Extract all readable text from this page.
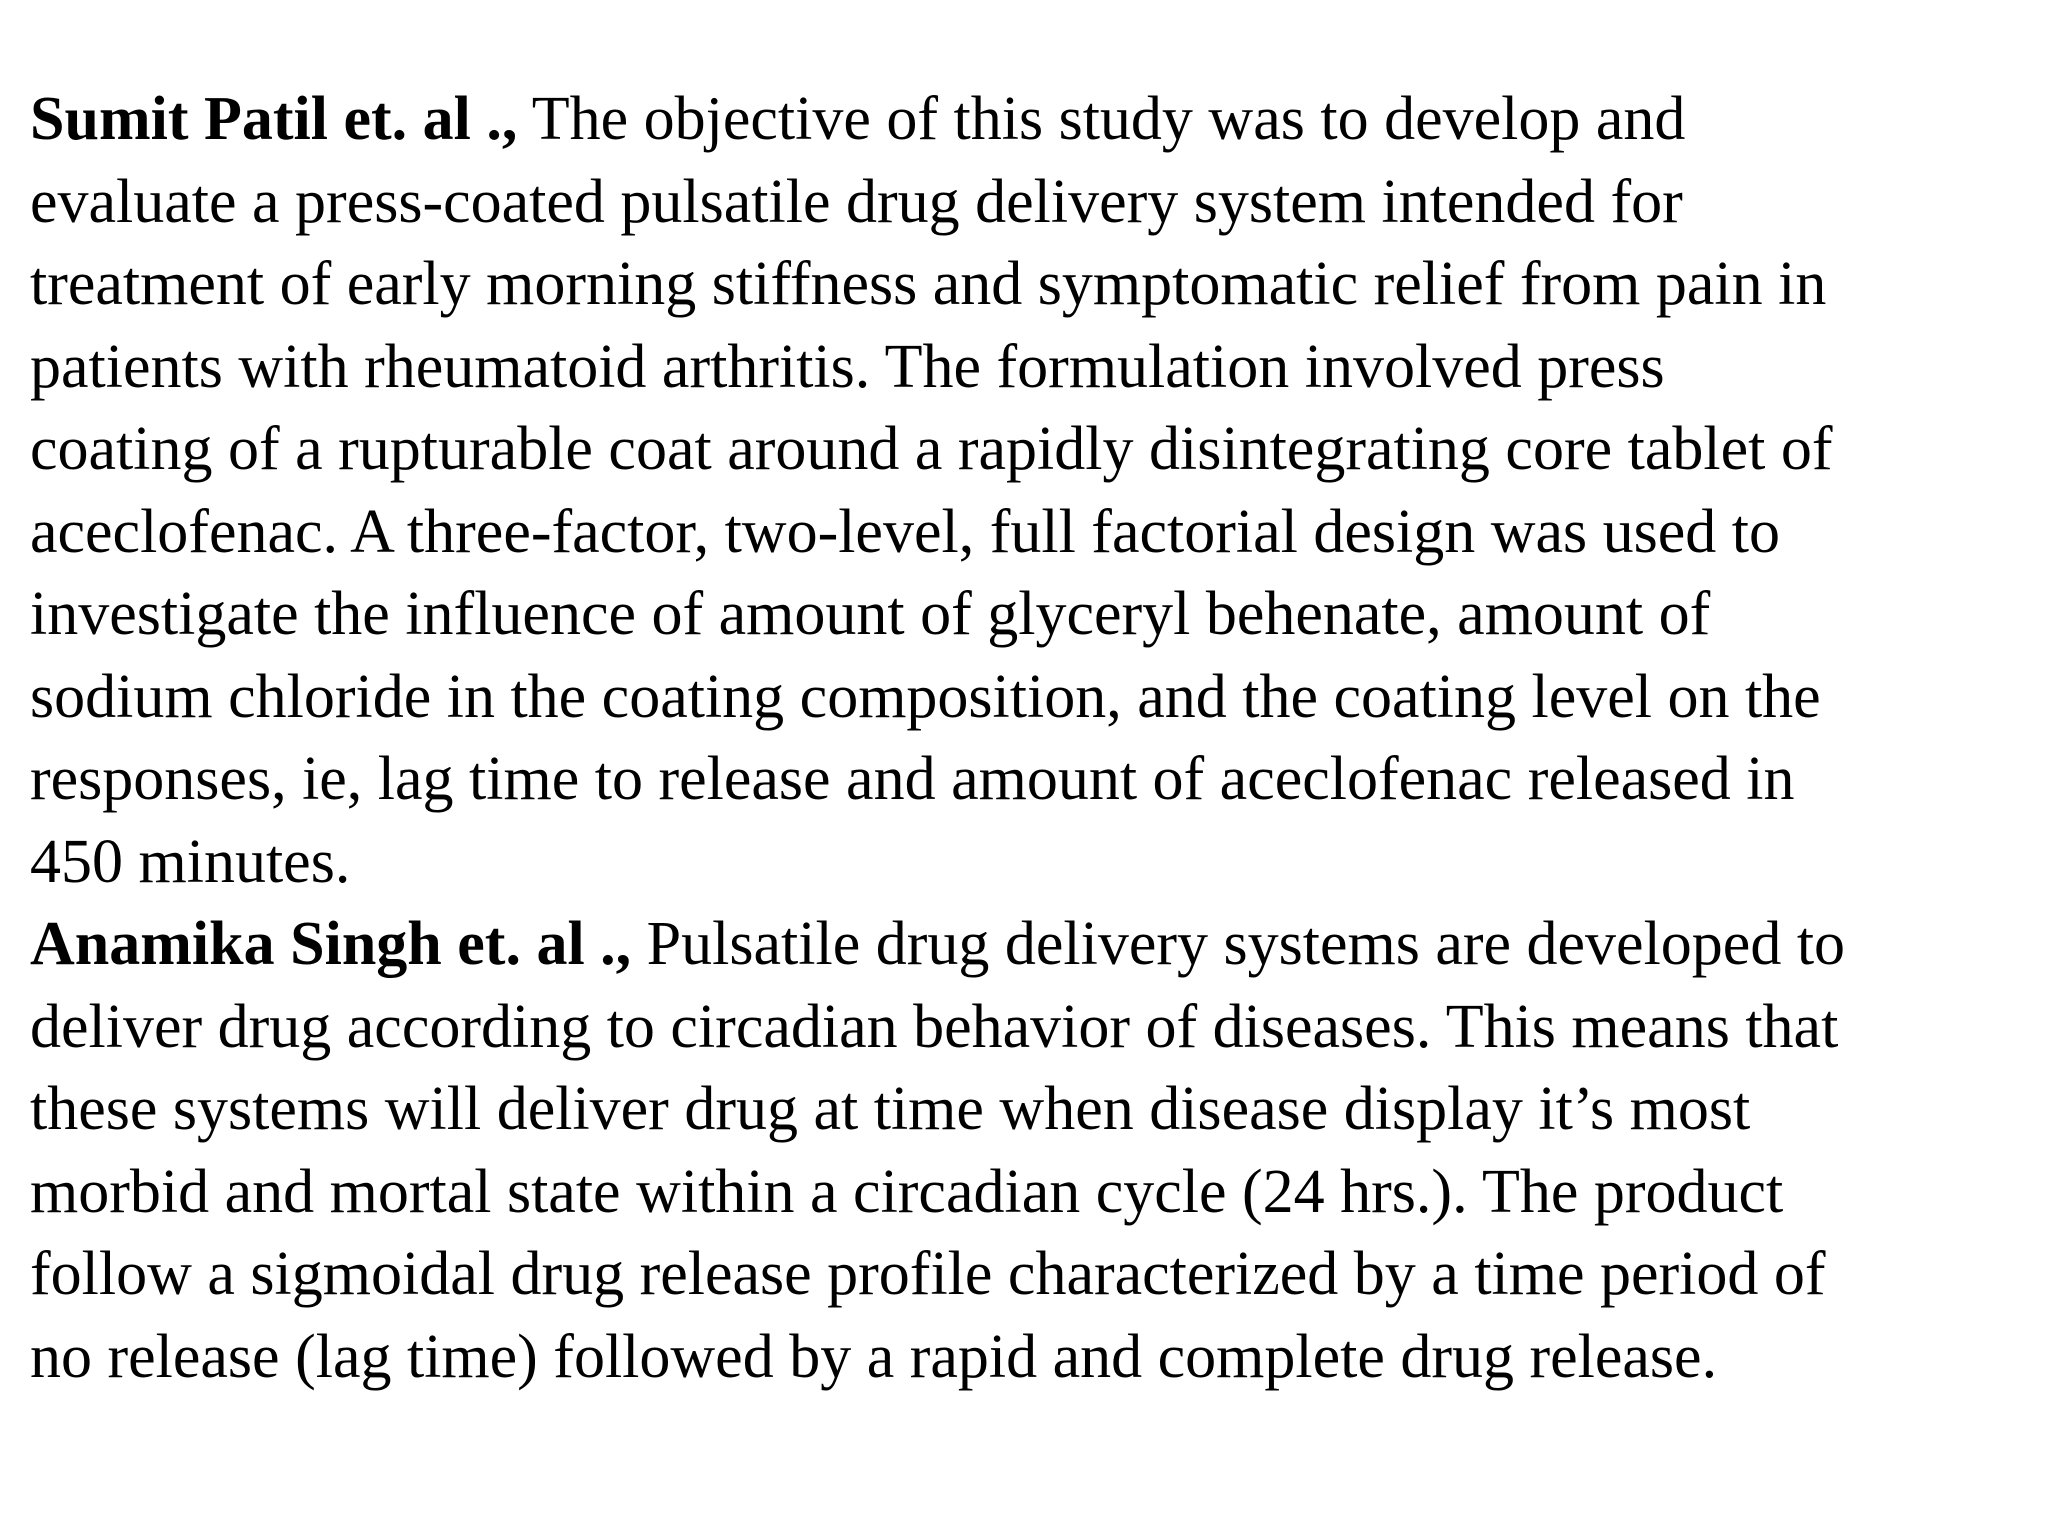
Sumit Patil et. al ., The objective of this study was to develop and
evaluate a press-coated pulsatile drug delivery system intended for
treatment of early morning stiffness and symptomatic relief from pain in
patients with rheumatoid arthritis. The formulation involved press
coating of a rupturable coat around a rapidly disintegrating core tablet of
aceclofenac. A three-factor, two-level, full factorial design was used to
investigate the influence of amount of glyceryl behenate, amount of
sodium chloride in the coating composition, and the coating level on the
responses, ie, lag time to release and amount of aceclofenac released in
450 minutes.

Anamika Singh et. al ., Pulsatile drug delivery systems are developed to
deliver drug according to circadian behavior of diseases. This means that
these systems will deliver drug at time when disease display it’s most
morbid and mortal state within a circadian cycle (24 hrs.). The product
follow a sigmoidal drug release profile characterized by a time period of
no release (lag time) followed by a rapid and complete drug release.
